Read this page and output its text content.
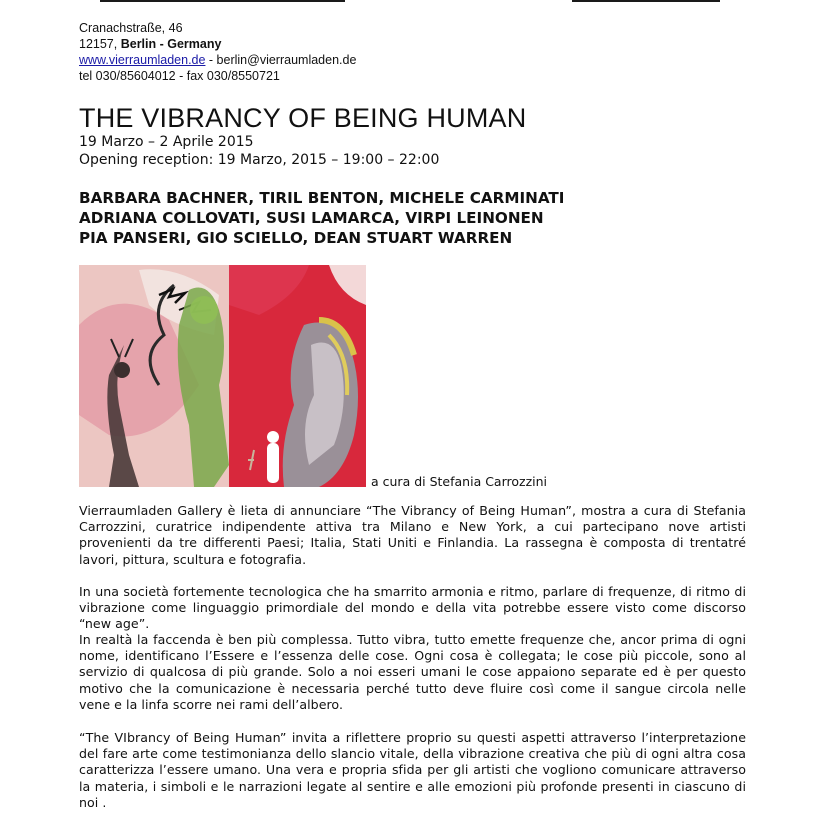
Cranachstraße, 46
12157, Berlin - Germany
www.vierraumladen.de - berlin@vierraumladen.de
tel 030/85604012 - fax 030/8550721
THE VIBRANCY OF BEING HUMAN
19 Marzo – 2 Aprile 2015
Opening reception: 19 Marzo, 2015 – 19:00 – 22:00
BARBARA BACHNER, TIRIL BENTON, MICHELE CARMINATI
ADRIANA COLLOVATI, SUSI LAMARCA, VIRPI LEINONEN
PIA PANSERI, GIO SCIELLO, DEAN STUART WARREN
a cura di Stefania Carrozzini

Vierraumladen Gallery è lieta di annunciare “The Vibrancy of Being Human”, mostra a cura di Stefania Carrozzini, curatrice indipendente attiva tra Milano e New York, a cui partecipano nove artisti provenienti da tre differenti Paesi; Italia, Stati Uniti e Finlandia. La rassegna è composta di trentatré lavori, pittura, scultura e fotografia.

In una società fortemente tecnologica che ha smarrito armonia e ritmo, parlare di frequenze, di ritmo di vibrazione come linguaggio primordiale del mondo e della vita potrebbe essere visto come discorso “new age”.

In realtà la faccenda è ben più complessa. Tutto vibra, tutto emette frequenze che, ancor prima di ogni nome, identificano l’Essere e l’essenza delle cose. Ogni cosa è collegata; le cose più piccole, sono al servizio di qualcosa di più grande. Solo a noi esseri umani le cose appaiono separate ed è per questo motivo che la comunicazione è necessaria perché tutto deve fluire così come il sangue circola nelle vene e la linfa scorre nei rami dell’albero.

“The VIbrancy of Being Human” invita a riflettere proprio su questi aspetti attraverso l’interpretazione del fare arte come testimonianza dello slancio vitale, della vibrazione creativa che più di ogni altra cosa caratterizza l’essere umano. Una vera e propria sfida per gli artisti che vogliono comunicare attraverso la materia, i simboli e le narrazioni legate al sentire e alle emozioni più profonde presenti in ciascuno di noi .
